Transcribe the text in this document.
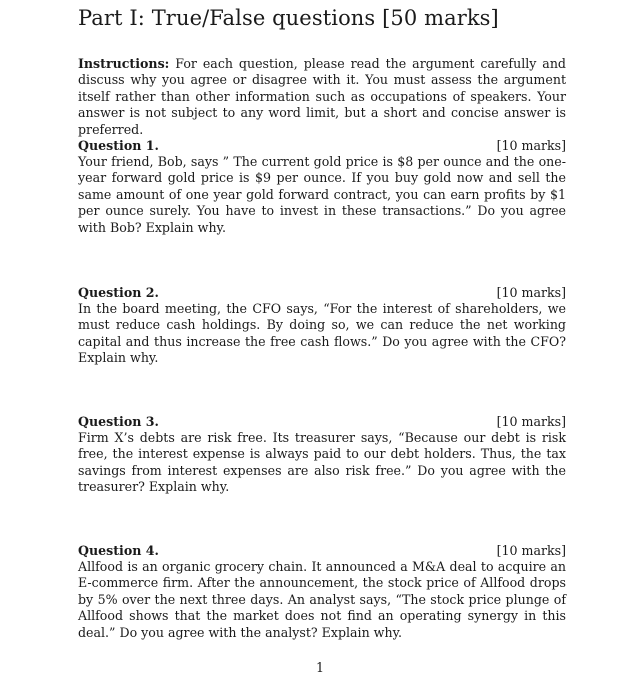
Part I: True/False questions [50 marks]

Instructions: For each question, please read the argument carefully and discuss why you agree or disagree with it. You must assess the argument itself rather than other information such as occupations of speakers. Your answer is not subject to any word limit, but a short and concise answer is preferred.

Question 1.	[10 marks]

Your friend, Bob, says ” The current gold price is $8 per ounce and the one-year forward gold price is $9 per ounce. If you buy gold now and sell the same amount of one year gold forward contract, you can earn profits by $1 per ounce surely. You have to invest in these transactions.” Do you agree with Bob? Explain why.

Question 2.	[10 marks]

In the board meeting, the CFO says, “For the interest of shareholders, we must reduce cash holdings. By doing so, we can reduce the net working capital and thus increase the free cash flows.” Do you agree with the CFO? Explain why.

Question 3.	[10 marks]

Firm X’s debts are risk free. Its treasurer says, “Because our debt is risk free, the interest expense is always paid to our debt holders. Thus, the tax savings from interest expenses are also risk free.” Do you agree with the treasurer? Explain why.

Question 4.	[10 marks]

Allfood is an organic grocery chain. It announced a M&A deal to acquire an E-commerce firm. After the announcement, the stock price of Allfood drops by 5% over the next three days. An analyst says, “The stock price plunge of Allfood shows that the market does not find an operating synergy in this deal.” Do you agree with the analyst? Explain why.

1
